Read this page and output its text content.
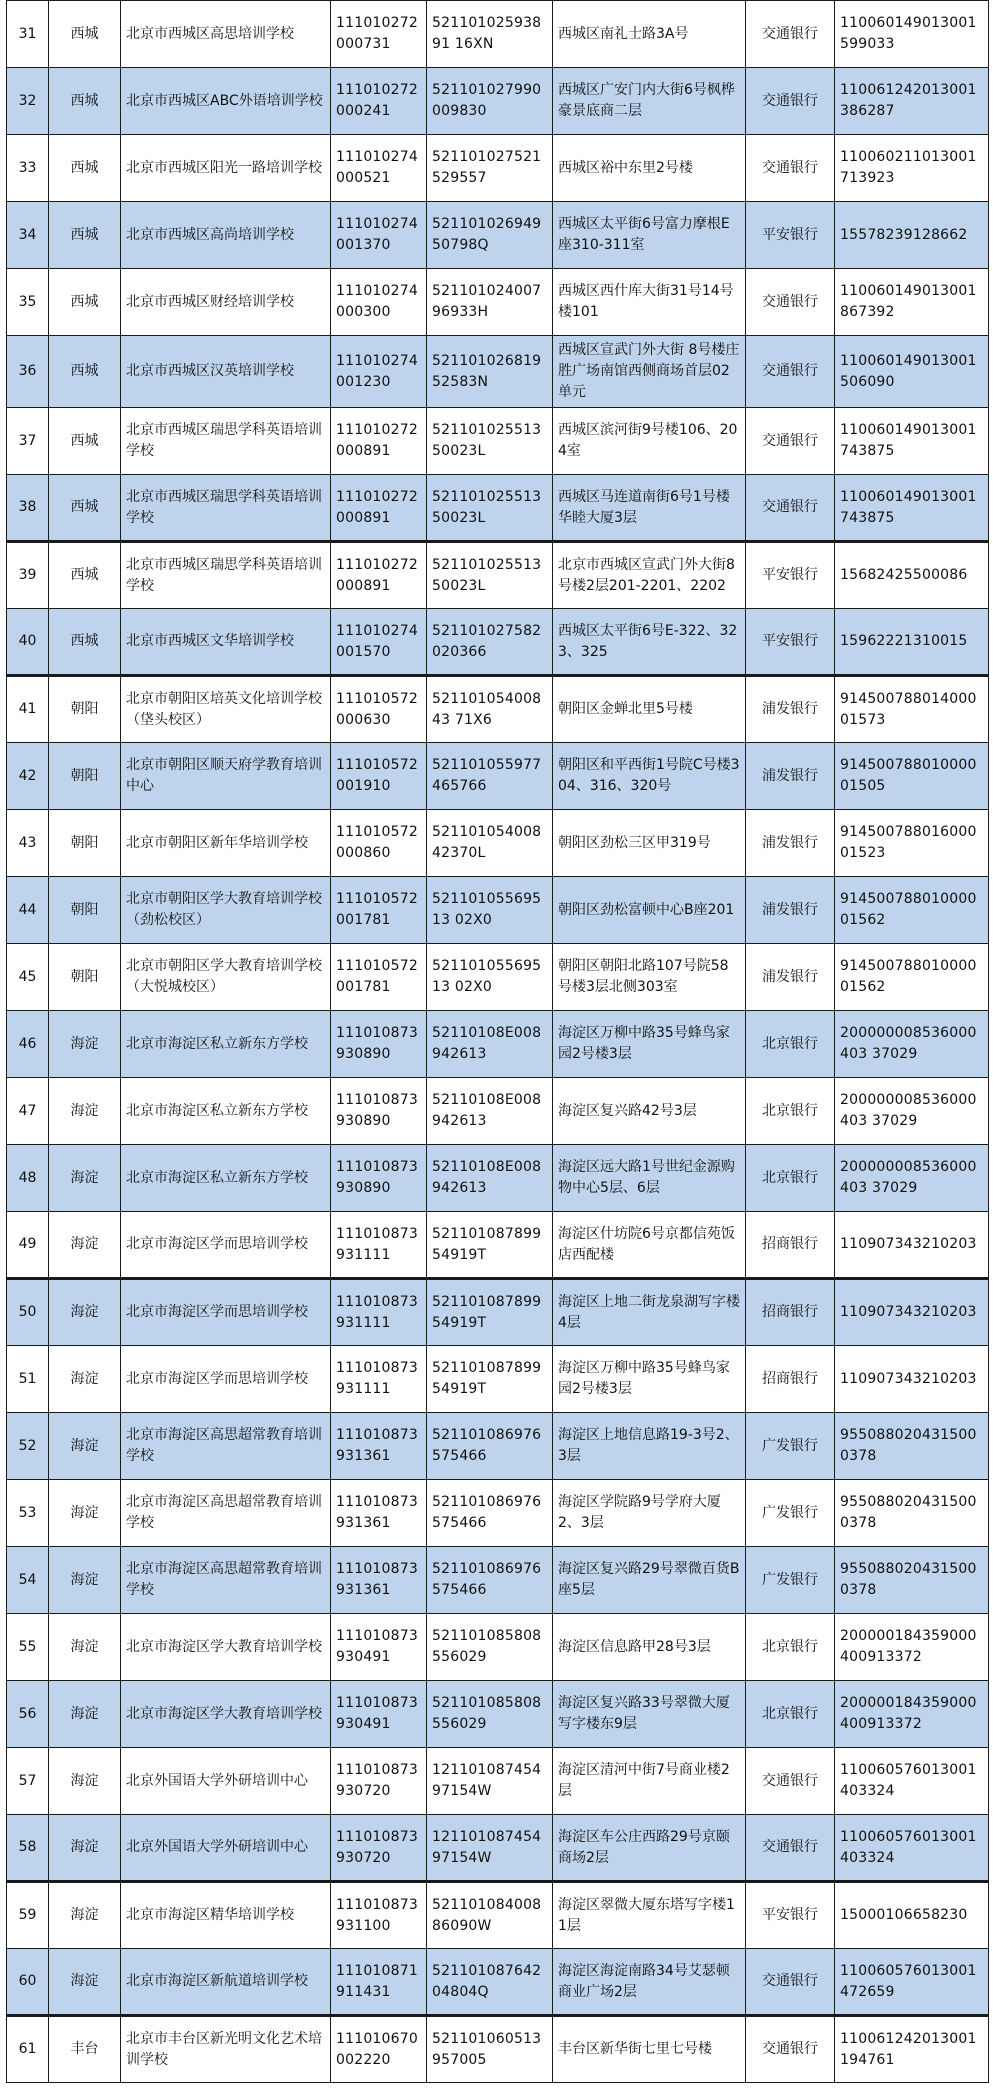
31	西城	北京市西城区高思培训学校	111010272000731	52110102593891 16XN	西城区南礼士路3A号	交通银行	110060149013001599033
32	西城	北京市西城区ABC外语培训学校	111010272000241	521101027990009830	西城区广安门内大街6号枫桦豪景底商二层	交通银行	110061242013001386287
33	西城	北京市西城区阳光一路培训学校	111010274000521	521101027521529557	西城区裕中东里2号楼	交通银行	110060211013001713923
34	西城	北京市西城区高尚培训学校	111010274001370	52110102694950798Q	西城区太平街6号富力摩根E座310-311室	平安银行	15578239128662
35	西城	北京市西城区财经培训学校	111010274000300	52110102400796933H	西城区西什库大街31号14号楼101	交通银行	110060149013001867392
36	西城	北京市西城区汉英培训学校	111010274001230	52110102681952583N	西城区宣武门外大街 8号楼庄胜广场南馆西侧商场首层02单元	交通银行	110060149013001506090
37	西城	北京市西城区瑞思学科英语培训学校	111010272000891	52110102551350023L	西城区滨河街9号楼106、204室	交通银行	110060149013001743875
38	西城	北京市西城区瑞思学科英语培训学校	111010272000891	52110102551350023L	西城区马连道南街6号1号楼华睦大厦3层	交通银行	110060149013001743875
39	西城	北京市西城区瑞思学科英语培训学校	111010272000891	52110102551350023L	北京市西城区宣武门外大街8号楼2层201-2201、2202	平安银行	15682425500086
40	西城	北京市西城区文华培训学校	111010274001570	521101027582020366	西城区太平街6号E-322、323、325	平安银行	15962221310015
41	朝阳	北京市朝阳区培英文化培训学校（垡头校区）	111010572000630	52110105400843 71X6	朝阳区金蝉北里5号楼	浦发银行	91450078801400001573
42	朝阳	北京市朝阳区顺天府学教育培训中心	111010572001910	521101055977465766	朝阳区和平西街1号院C号楼304、316、320号	浦发银行	91450078801000001505
43	朝阳	北京市朝阳区新年华培训学校	111010572000860	52110105400842370L	朝阳区劲松三区甲319号	浦发银行	91450078801600001523
44	朝阳	北京市朝阳区学大教育培训学校（劲松校区）	111010572001781	52110105569513 02X0	朝阳区劲松富顿中心B座201	浦发银行	91450078801000001562
45	朝阳	北京市朝阳区学大教育培训学校（大悦城校区）	111010572001781	52110105569513 02X0	朝阳区朝阳北路107号院58号楼3层北侧303室	浦发银行	91450078801000001562
46	海淀	北京市海淀区私立新东方学校	111010873930890	52110108E008942613	海淀区万柳中路35号蜂鸟家园2号楼3层	北京银行	200000008536000403 37029
47	海淀	北京市海淀区私立新东方学校	111010873930890	52110108E008942613	海淀区复兴路42号3层	北京银行	200000008536000403 37029
48	海淀	北京市海淀区私立新东方学校	111010873930890	52110108E008942613	海淀区远大路1号世纪金源购物中心5层、6层	北京银行	200000008536000403 37029
49	海淀	北京市海淀区学而思培训学校	111010873931111	52110108789954919T	海淀区什坊院6号京都信苑饭店西配楼	招商银行	110907343210203
50	海淀	北京市海淀区学而思培训学校	111010873931111	52110108789954919T	海淀区上地二街龙泉湖写字楼4层	招商银行	110907343210203
51	海淀	北京市海淀区学而思培训学校	111010873931111	52110108789954919T	海淀区万柳中路35号蜂鸟家园2号楼3层	招商银行	110907343210203
52	海淀	北京市海淀区高思超常教育培训学校	111010873931361	521101086976575466	海淀区上地信息路19-3号2、3层	广发银行	9550880204315000378
53	海淀	北京市海淀区高思超常教育培训学校	111010873931361	521101086976575466	海淀区学院路9号学府大厦2、3层	广发银行	9550880204315000378
54	海淀	北京市海淀区高思超常教育培训学校	111010873931361	521101086976575466	海淀区复兴路29号翠微百货B座5层	广发银行	9550880204315000378
55	海淀	北京市海淀区学大教育培训学校	111010873930491	521101085808556029	海淀区信息路甲28号3层	北京银行	200000184359000400913372
56	海淀	北京市海淀区学大教育培训学校	111010873930491	521101085808556029	海淀区复兴路33号翠微大厦写字楼东9层	北京银行	200000184359000400913372
57	海淀	北京外国语大学外研培训中心	111010873930720	12110108745497154W	海淀区清河中街7号商业楼2层	交通银行	110060576013001403324
58	海淀	北京外国语大学外研培训中心	111010873930720	12110108745497154W	海淀区车公庄西路29号京颐商场2层	交通银行	110060576013001403324
59	海淀	北京市海淀区精华培训学校	111010873931100	52110108400886090W	海淀区翠微大厦东塔写字楼11层	平安银行	15000106658230
60	海淀	北京市海淀区新航道培训学校	111010871911431	52110108764204804Q	海淀区海淀南路34号艾瑟顿商业广场2层	交通银行	110060576013001472659
61	丰台	北京市丰台区新光明文化艺术培训学校	111010670002220	521101060513957005	丰台区新华街七里七号楼	交通银行	110061242013001194761
